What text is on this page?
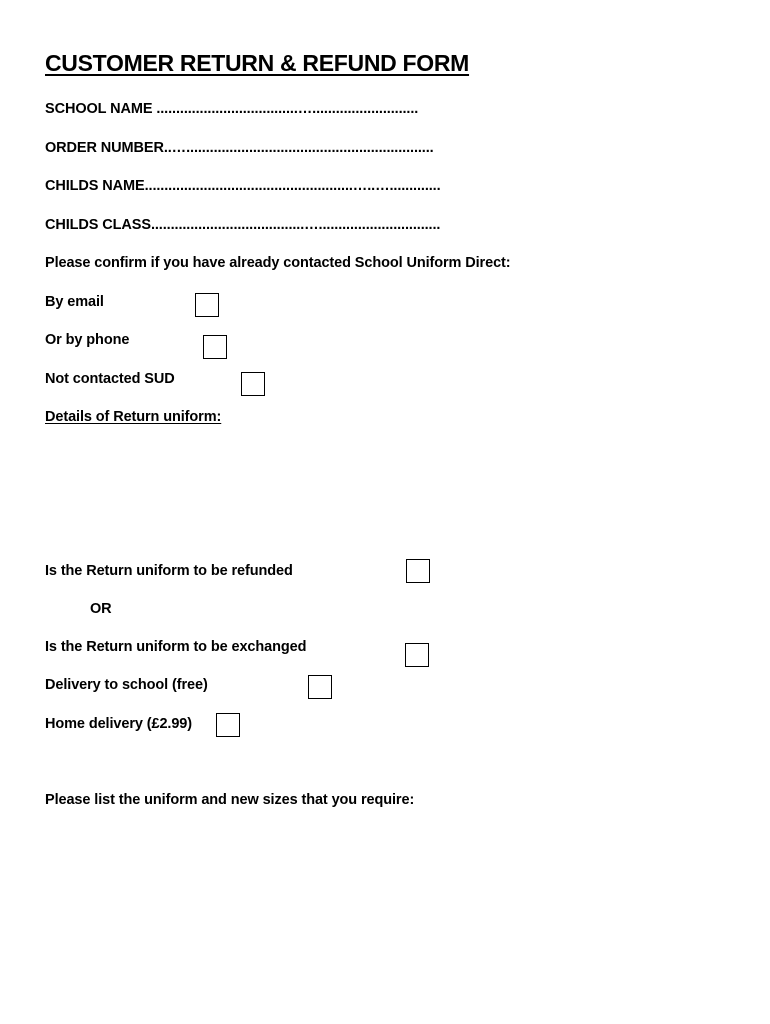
CUSTOMER RETURN & REFUND FORM
SCHOOL NAME ....................................…...........................
ORDER NUMBER..…...............................................................
CHILDS NAME.....................................................…..….............
CHILDS CLASS.......................................…...............................
Please confirm if you have already contacted School Uniform Direct:
By email
Or by phone
Not contacted SUD
Details of Return uniform:
Is the Return uniform to be refunded
OR
Is the Return uniform to be exchanged
Delivery to school (free)
Home delivery (£2.99)
Please list the uniform and new sizes that you require:
